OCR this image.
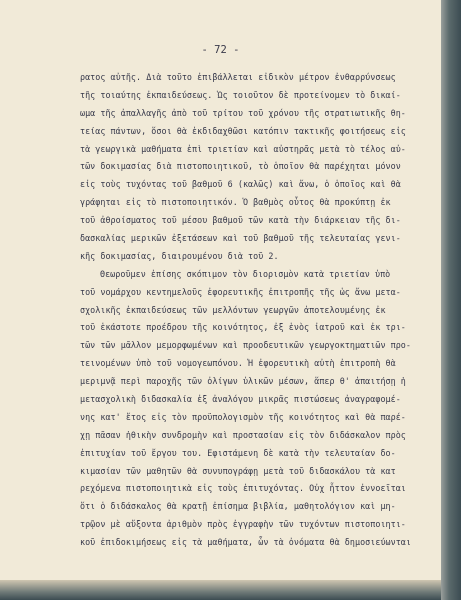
- 72 -
ρατος αὐτῆς. Διὰ τοῦτο ἐπιβάλλεται εἰδικὸν μέτρον ἐνθαρρύνσεως
τῆς τοιαύτης ἐκπαιδεύσεως. Ὡς τοιοῦτον δὲ προτείνομεν τὸ δικαί-
ωμα τῆς ἀπαλλαγῆς ἀπὸ τοῦ τρίτου τοῦ χρόνου τῆς στρατιωτικῆς θη-
τείας πάντων, ὅσοι θὰ ἐκδιδαχθῶσι κατόπιν τακτικῆς φοιτήσεως εἰς
τὰ γεωργικὰ μαθήματα ἐπὶ τριετίαν καὶ αὐστηρᾶς μετὰ τὸ τέλος αὐ-
τῶν δοκιμασίας διὰ πιστοποιητικοῦ, τὸ ὁποῖον θὰ παρέχηται μόνον
εἰς τοὺς τυχόντας τοῦ βαθμοῦ 6 (καλῶς) καὶ ἄνω, ὁ ὁποῖος καὶ θὰ
γράφηται εἰς τὸ πιστοποιητικόν. Ὁ βαθμὸς οὗτος θὰ προκύπτῃ ἐκ
τοῦ ἀθροίσματος τοῦ μέσου βαθμοῦ τῶν κατὰ τὴν διάρκειαν τῆς δι-
δασκαλίας μερικῶν ἐξετάσεων καὶ τοῦ βαθμοῦ τῆς τελευταίας γενι-
κῆς δοκιμασίας, διαιρουμένου διὰ τοῦ 2.
Θεωροῦμεν ἐπίσης σκόπιμον τὸν διορισμὸν κατὰ τριετίαν ὑπὸ
τοῦ νομάρχου κεντημελοῦς ἐφορευτικῆς ἐπιτροπῆς τῆς ὡς ἄνω μετα-
σχολικῆς ἐκπαιδεύσεως τῶν μελλόντων γεωργῶν ἀποτελουμένης ἐκ
τοῦ ἑκάστοτε προέδρου τῆς κοινότητος, ἐξ ἑνὸς ἰατροῦ καὶ ἐκ τρι-
τῶν τῶν μᾶλλον μεμορφωμένων καὶ προοδευτικῶν γεωργοκτηματιῶν προ-
τεινομένων ὑπὸ τοῦ νομογεωπόνου. Ἡ ἐφορευτικὴ αὐτὴ ἐπιτροπὴ θὰ
μεριμνᾷ περὶ παροχῆς τῶν ὀλίγων ὑλικῶν μέσων, ἅπερ θ' ἀπαιτήσῃ ἡ
μετασχολικὴ διδασκαλία ἐξ ἀναλόγου μικρᾶς πιστώσεως ἀναγραφομέ-
νης κατ' ἔτος εἰς τὸν προϋπολογισμὸν τῆς κοινότητος καὶ θὰ παρέ-
χῃ πᾶσαν ἠθικὴν συνδρομὴν καὶ προστασίαν εἰς τὸν διδάσκαλον πρὸς
ἐπιτυχίαν τοῦ ἔργου του. Εφιστάμενη δὲ κατὰ τὴν τελευταίαν δο-
κιμασίαν τῶν μαθητῶν θὰ συνυπογράφῃ μετὰ τοῦ διδασκάλου τὰ κατ
ρεχόμενα πιστοποιητικὰ εἰς τοὺς ἐπιτυχόντας. Οὐχ ἧττον ἐννοεῖται
ὅτι ὁ διδάσκαλος θὰ κρατῇ ἐπίσημα βιβλία, μαθητολόγιον καὶ μη-
τρῷον μὲ αὔξοντα ἀριθμὸν πρὸς ἐγγραφὴν τῶν τυχόντων πιστοποιητι-
κοῦ ἐπιδοκιμήσεως εἰς τὰ μαθήματα, ὧν τὰ ὀνόματα θὰ δημοσιεύωνται
